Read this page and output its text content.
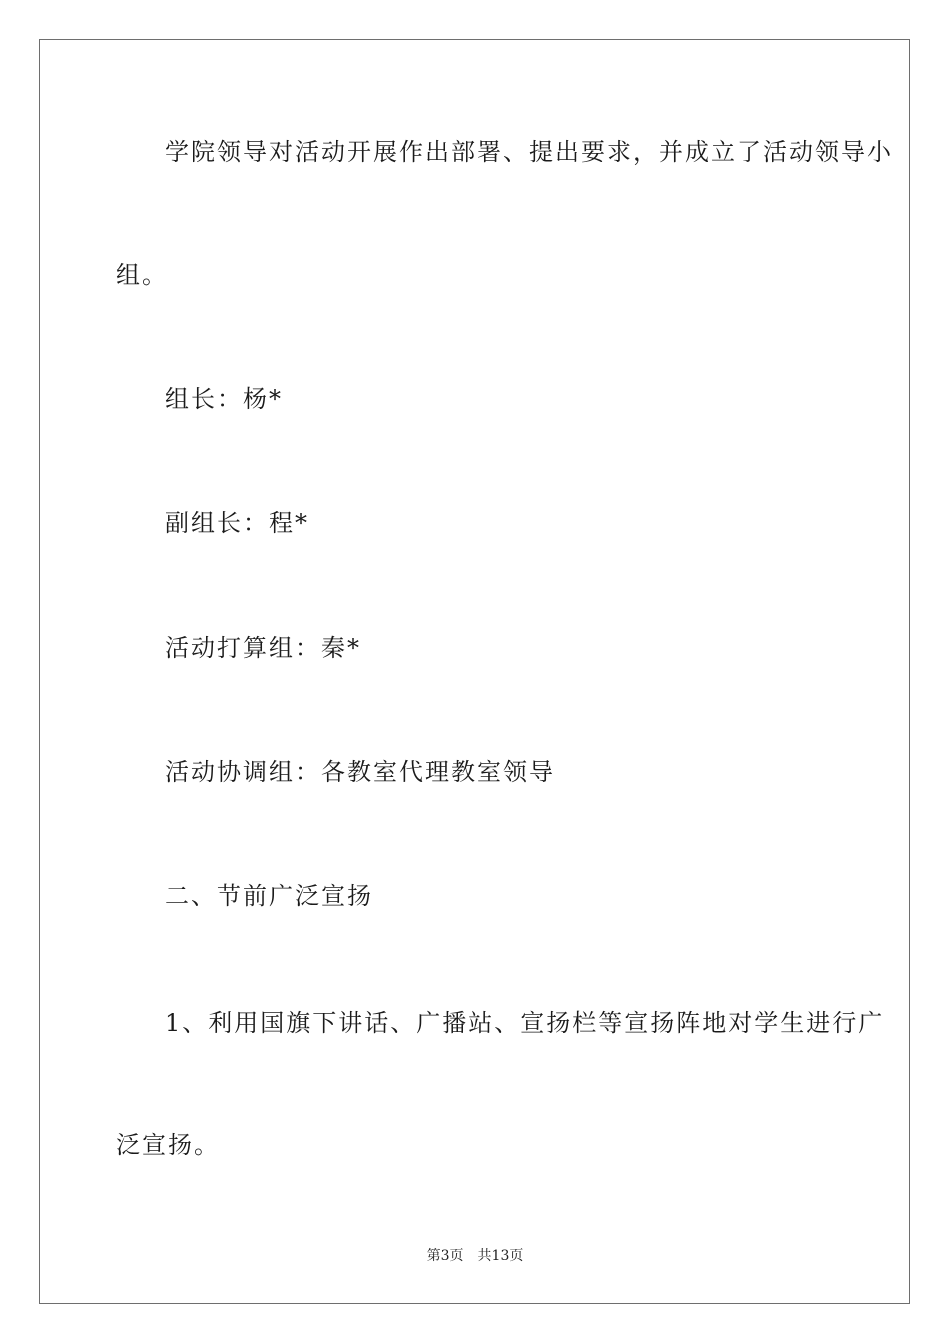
学院领导对活动开展作出部署、提出要求，并成立了活动领导小

组。

组长：杨*

副组长：程*

活动打算组：秦*

活动协调组：各教室代理教室领导

二、节前广泛宣扬

1、利用国旗下讲话、广播站、宣扬栏等宣扬阵地对学生进行广

泛宣扬。

第3页 共13页
